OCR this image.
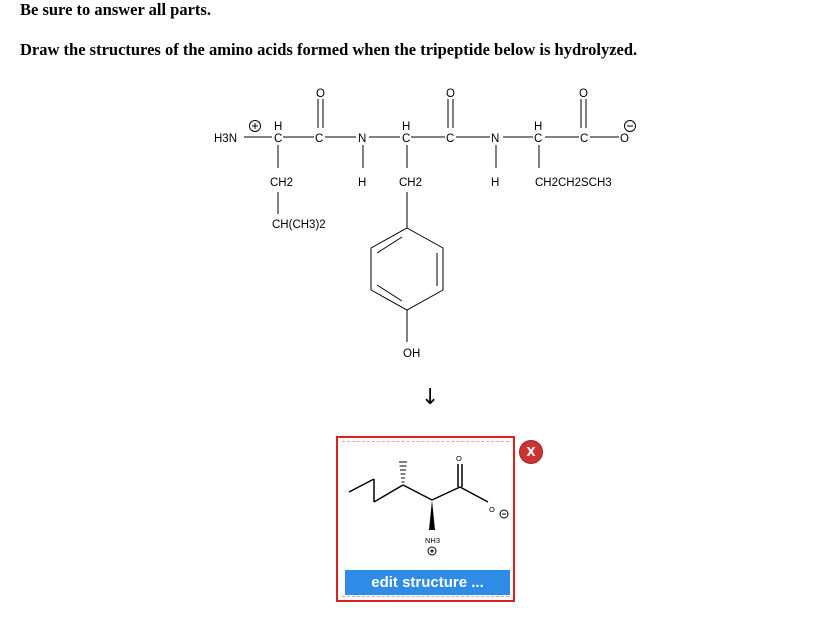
Be sure to answer all parts.

Draw the structures of the amino acids formed when the tripeptide below is hydrolyzed.

H3N
H
C	C
O
CH2
CH(CH3)2
N
H
H
C	C
O
CH2
OH
N
H
H
C	C
O
O
CH2CH2SCH3
O
O
NH3
↓
X
edit structure ...
